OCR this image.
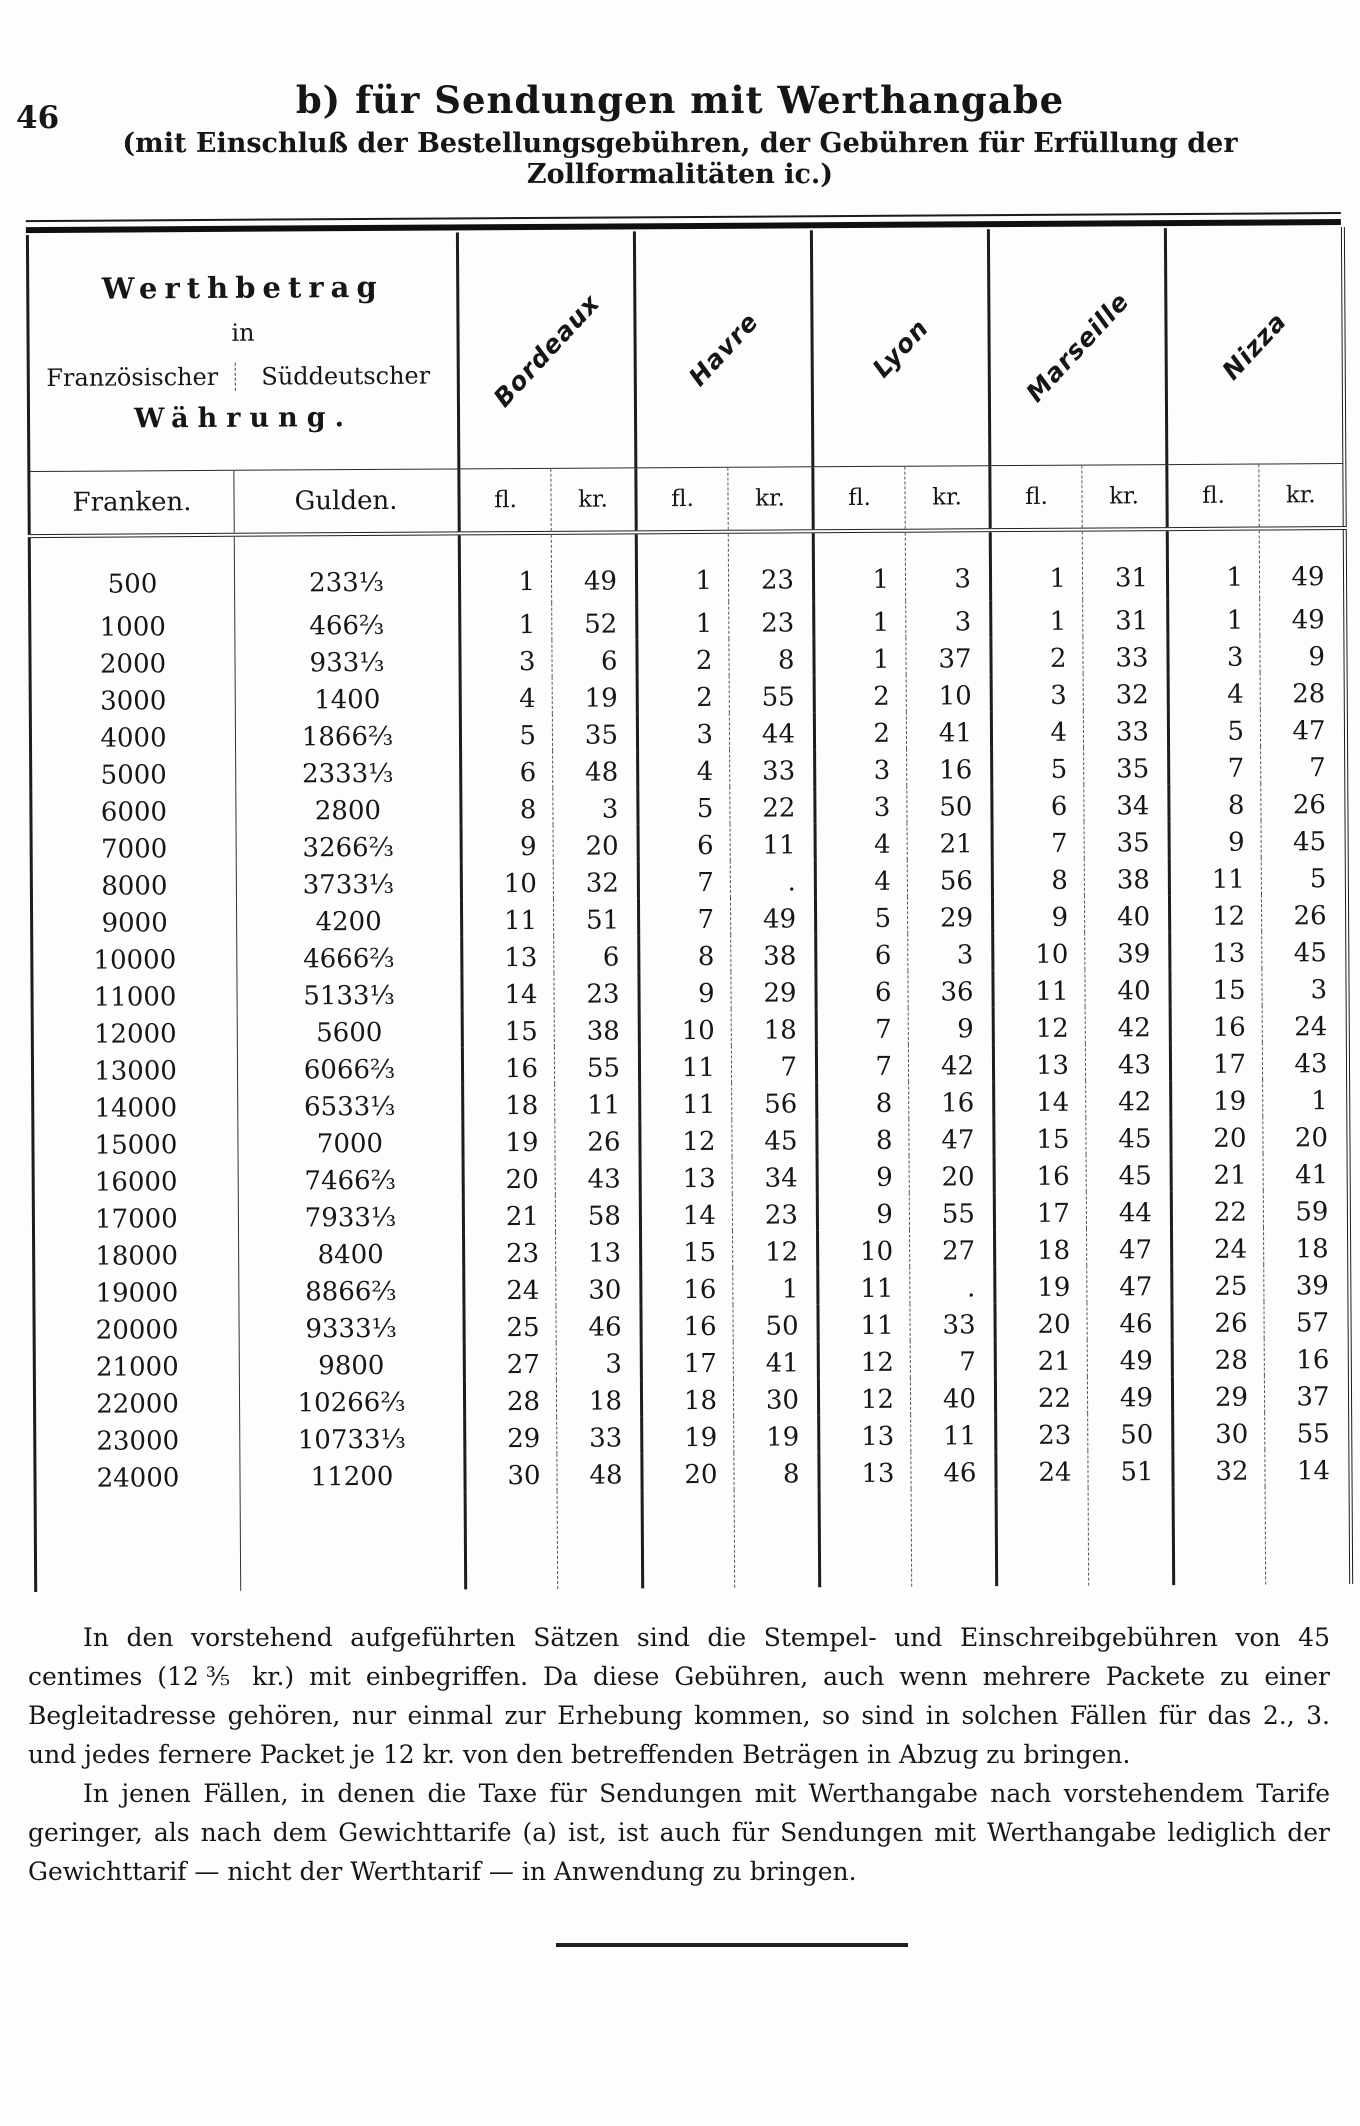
46	b) für Sendungen mit Werthangabe
(mit Einschluß der Bestellungsgebühren, der Gebühren für Erfüllung der Zollformalitäten ic.)
Werthbetrag
in
Französischer Süddeutscher
Währung.		Bordeaux		Havre		Lyon		Marseille		Nizza	

Franken.	Gulden.	fl.	kr.	fl.	kr.	fl.	kr.	fl.	kr.	fl.	kr.
500	233⅓	1	49	1	23	1	3	1	31	1	49
1000	466⅔	1	52	1	23	1	3	1	31	1	49
2000	933⅓	3	6	2	8	1	37	2	33	3	9
3000	1400	4	19	2	55	2	10	3	32	4	28
4000	1866⅔	5	35	3	44	2	41	4	33	5	47
5000	2333⅓	6	48	4	33	3	16	5	35	7	7
6000	2800	8	3	5	22	3	50	6	34	8	26
7000	3266⅔	9	20	6	11	4	21	7	35	9	45
8000	3733⅓	10	32	7	.	4	56	8	38	11	5
9000	4200	11	51	7	49	5	29	9	40	12	26
10000	4666⅔	13	6	8	38	6	3	10	39	13	45
11000	5133⅓	14	23	9	29	6	36	11	40	15	3
12000	5600	15	38	10	18	7	9	12	42	16	24
13000	6066⅔	16	55	11	7	7	42	13	43	17	43
14000	6533⅓	18	11	11	56	8	16	14	42	19	1
15000	7000	19	26	12	45	8	47	15	45	20	20
16000	7466⅔	20	43	13	34	9	20	16	45	21	41
17000	7933⅓	21	58	14	23	9	55	17	44	22	59
18000	8400	23	13	15	12	10	27	18	47	24	18
19000	8866⅔	24	30	16	1	11	.	19	47	25	39
20000	9333⅓	25	46	16	50	11	33	20	46	26	57
21000	9800	27	3	17	41	12	7	21	49	28	16
22000	10266⅔	28	18	18	30	12	40	22	49	29	37
23000	10733⅓	29	33	19	19	13	11	23	50	30	55
24000	11200	30	48	20	8	13	46	24	51	32	14

In den vorstehend aufgeführten Sätzen sind die Stempel- und Einschreibgebühren von 45 centimes (12⅗ kr.) mit einbegriffen. Da diese Gebühren, auch wenn mehrere Packete zu einer Begleitadresse gehören, nur einmal zur Erhebung kommen, so sind in solchen Fällen für das 2., 3. und jedes fernere Packet je 12 kr. von den betreffenden Beträgen in Abzug zu bringen.

In jenen Fällen, in denen die Taxe für Sendungen mit Werthangabe nach vorstehendem Tarife geringer, als nach dem Gewichttarife (a) ist, ist auch für Sendungen mit Werthangabe lediglich der Gewichttarif — nicht der Werthtarif — in Anwendung zu bringen.
